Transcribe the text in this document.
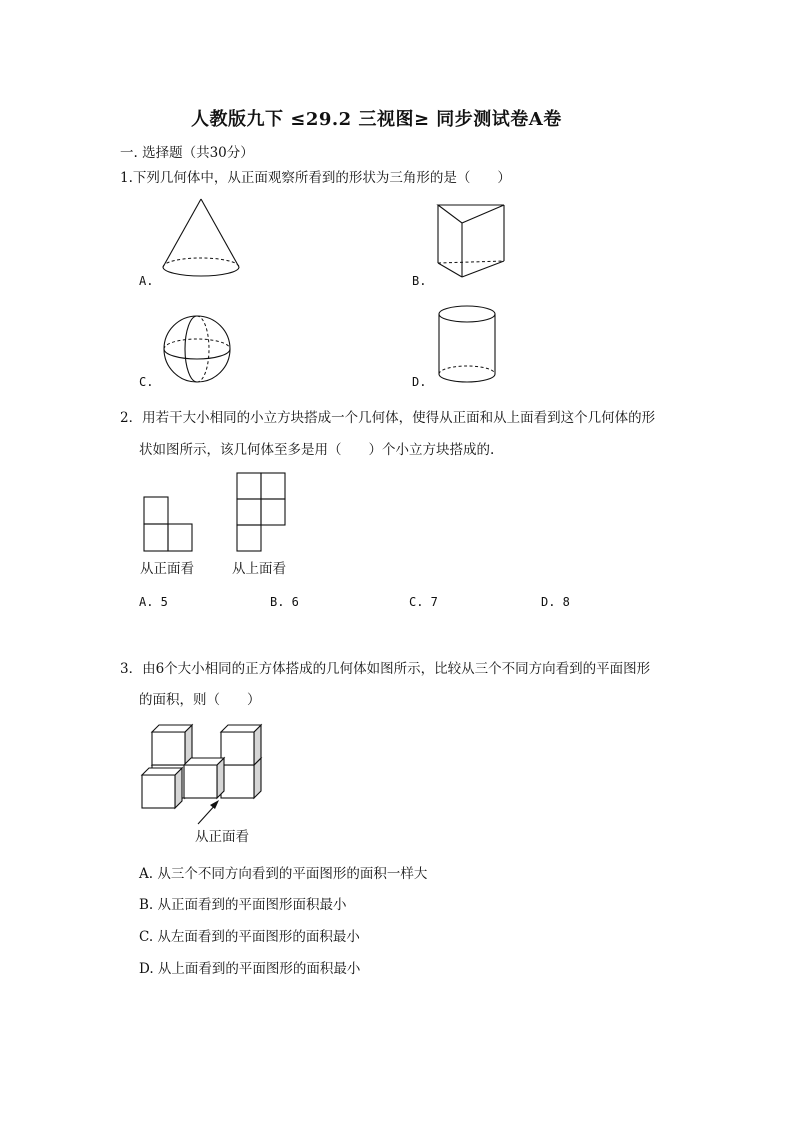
人教版九下 ≤29.2 三视图≥ 同步测试卷A卷
一. 选择题（共30分）
1.下列几何体中，从正面观察所看到的形状为三角形的是（　　）
A.	B.
C.	D.
2．用若干大小相同的小立方块搭成一个几何体，使得从正面和从上面看到这个几何体的形
状如图所示，该几何体至多是用（　　）个小立方块搭成的.
从正面看	从上面看
A. 5	B. 6	C. 7	D. 8
3．由6个大小相同的正方体搭成的几何体如图所示，比较从三个不同方向看到的平面图形
的面积，则（　　）
从正面看
A. 从三个不同方向看到的平面图形的面积一样大
B. 从正面看到的平面图形面积最小
C. 从左面看到的平面图形的面积最小
D. 从上面看到的平面图形的面积最小
